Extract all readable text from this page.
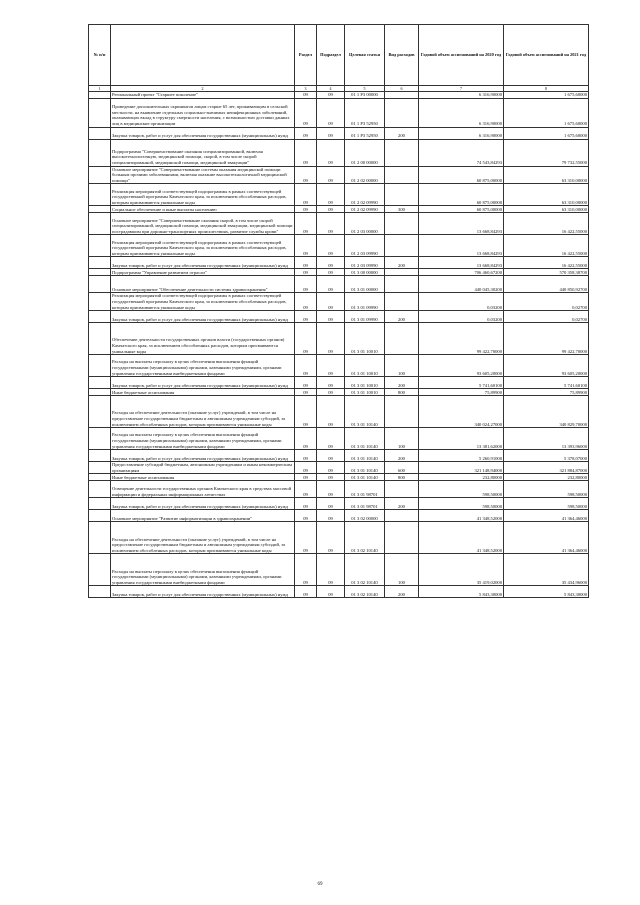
№ п/п		Раздел	Подраздел	Целевая статья	Вид расходов	Годовой объем ассигнований на 2020 год	Годовой объем ассигнований на 2021 год
1	2	3	4	5	6	7	8
	Региональный проект "Старшее поколение"	09	09	01 1 P3 00000		6 316,90000	1 675,60000
	Проведение дополнительных скринингов лицам старше 65 лет, проживающим в сельской местности, на выявление отдельных социально-значимых неинфекционных заболеваний, оказывающих вклад в структуру смертности населения, с возможностью доставки данных лиц в медицинские организации	09	09	01 1 P3 52950		6 316,90000	1 675,60000
	Закупка товаров, работ и услуг для обеспечения государственных (муниципальных) нужд	09	09	01 1 P3 52950	200	6 316,90000	1 675,60000
	Подпрограмма "Совершенствование оказания специализированной, включая высокотехнологичную, медицинской помощи, скорой, в том числе скорой специализированной, медицинской помощи, медицинской эвакуации"	09	09	01 2 00 00000		74 543,84293	79 732,55000
	Основное мероприятие "Совершенствование системы оказания медицинской помощи больным прочими заболеваниями, включая оказание высокотехнологичной медицинской помощи"	09	09	01 2 02 00000		60 875,00000	63 310,00000
	Реализация мероприятий соответствующей подпрограммы в рамках соответствующей государственной программы Камчатского края, за исключением обособленных расходов, которым присваиваются уникальные коды	09	09	01 2 02 09990		60 875,00000	63 310,00000
	Социальное обеспечение и иные выплаты населению	09	09	01 2 02 09990	300	60 875,00000	63 310,00000
	Основное мероприятие "Совершенствование оказания скорой, в том числе скорой специализированной, медицинской помощи, медицинской эвакуации, медицинской помощи пострадавшим при дорожно-транспортных происшествиях, развитие службы крови"	09	09	01 2 03 00000		13 668,84293	16 422,55000
	Реализация мероприятий соответствующей подпрограммы в рамках соответствующей государственной программы Камчатского края, за исключением обособленных расходов, которым присваиваются уникальные коды	09	09	01 2 03 09990		13 668,84293	16 422,55000
	Закупка товаров, работ и услуг для обеспечения государственных (муниципальных) нужд	09	09	01 2 03 09990	200	13 668,84293	16 422,55000
	Подпрограмма "Управление развитием отрасли"	09	09	01 3 00 00000		706 460,67200	570 358,38700
	Основное мероприятие "Обеспечение деятельности системы здравоохранения"	09	09	01 3 01 00000		440 045,30200	440 850,92700
	Реализация мероприятий соответствующей подпрограммы в рамках соответствующей государственной программы Камчатского края, за исключением обособленных расходов, которым присваиваются уникальные коды	09	09	01 3 01 09990		0,03200	0,02700
	Закупка товаров, работ и услуг для обеспечения государственных (муниципальных) нужд	09	09	01 3 01 09990	200	0,03200	0,02700
	Обеспечение деятельности государственных органов власти (государственных органов) Камчатского края, за исключением обособленных расходов, которым присваиваются уникальные коды	09	09	01 3 01 10010		99 422,70000	99 422,70000
	Расходы на выплаты персоналу в целях обеспечения выполнения функций государственными (муниципальными) органами, казенными учреждениями, органами управления государственными внебюджетными фондами	09	09	01 3 01 10010	100	93 605,20000	93 605,20000
	Закупка товаров, работ и услуг для обеспечения государственных (муниципальных) нужд	09	09	01 3 01 10010	200	5 741,60100	5 741,60100
	Иные бюджетные ассигнования	09	09	01 3 01 10010	800	75,89900	75,89900
	Расходы на обеспечение деятельности (оказание услуг) учреждений, в том числе на предоставление государственным бюджетным и автономным учреждениям субсидий, за исключением обособленных расходов, которым присваиваются уникальные коды	09	09	01 3 01 10140		340 024,27000	340 829,70000
	Расходы на выплаты персоналу в целях обеспечения выполнения функций государственными (муниципальными) органами, казенными учреждениями, органами управления государственными внебюджетными фондами	09	09	01 3 01 10140	100	13 381,62000	13 393,96000
	Закупка товаров, работ и услуг для обеспечения государственных (муниципальных) нужд	09	09	01 3 01 10140	200	5 260,91000	5 378,07000
	Предоставление субсидий бюджетным, автономным учреждениям и иным некоммерческим организациям	09	09	01 3 01 10140	600	321 148,94000	321 884,87000
	Иные бюджетные ассигнования	09	09	01 3 01 10140	800	232,80000	232,80000
	Освещение деятельности государственных органов Камчатского края в средствах массовой информации и федеральных информационных агентствах	09	09	01 3 01 98701		598,50000	598,50000
	Закупка товаров, работ и услуг для обеспечения государственных (муниципальных) нужд	09	09	01 3 01 98701	200	598,50000	598,50000
	Основное мероприятие "Развитие информатизации в здравоохранении"	09	09	01 3 02 00000		41 348,52000	41 364,46000
	Расходы на обеспечение деятельности (оказание услуг) учреждений, в том числе на предоставление государственным бюджетным и автономным учреждениям субсидий, за исключением обособленных расходов, которым присваиваются уникальные коды	09	09	01 3 02 10140		41 348,52000	41 364,46000
	Расходы на выплаты персоналу в целях обеспечения выполнения функций государственными (муниципальными) органами, казенными учреждениями, органами управления государственными внебюджетными фондами	09	09	01 3 02 10140	100	35 419,02000	35 434,96000
	Закупка товаров, работ и услуг для обеспечения государственных (муниципальных) нужд	09	09	01 3 02 10140	200	5 843,30000	5 843,30000
69
